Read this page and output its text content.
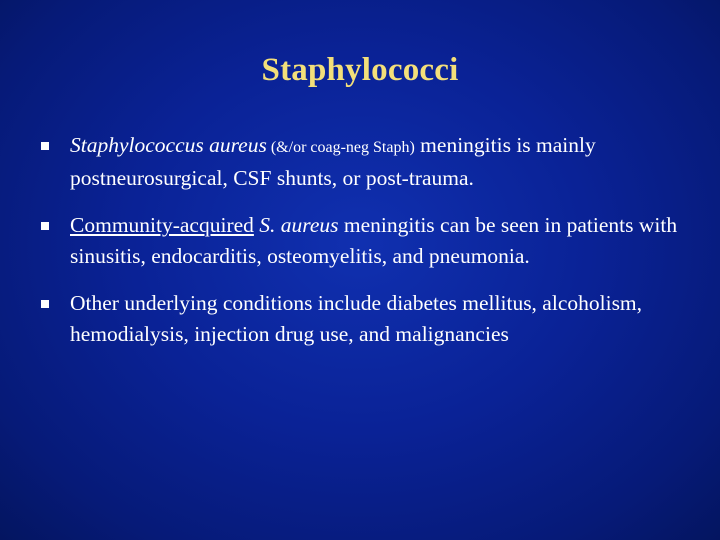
Staphylococci
Staphylococcus aureus (&/or coag-neg Staph) meningitis is mainly postneurosurgical, CSF shunts, or post-trauma.
Community-acquired S. aureus meningitis can be seen in patients with sinusitis, endocarditis, osteomyelitis, and pneumonia.
Other underlying conditions include diabetes mellitus, alcoholism, hemodialysis, injection drug use, and malignancies
